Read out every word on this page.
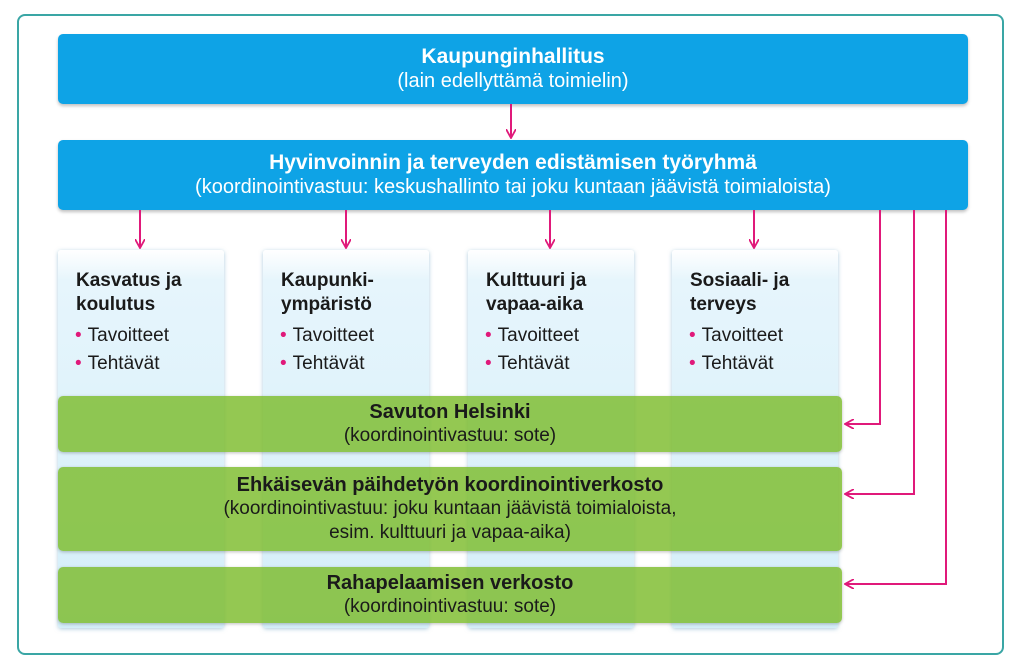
Kasvatus ja
koulutus
• Tavoitteet
• Tehtävät
Kaupunki-
ympäristö
• Tavoitteet
• Tehtävät
Kulttuuri ja
vapaa-aika
• Tavoitteet
• Tehtävät
Sosiaali- ja
terveys
• Tavoitteet
• Tehtävät
Kaupunginhallitus
(lain edellyttämä toimielin)
Hyvinvoinnin ja terveyden edistämisen työryhmä
(koordinointivastuu: keskushallinto tai joku kuntaan jäävistä toimialoista)
Savuton Helsinki
(koordinointivastuu: sote)
Ehkäisevän päihdetyön koordinointiverkosto
(koordinointivastuu: joku kuntaan jäävistä toimialoista,
esim. kulttuuri ja vapaa-aika)
Rahapelaamisen verkosto
(koordinointivastuu: sote)
